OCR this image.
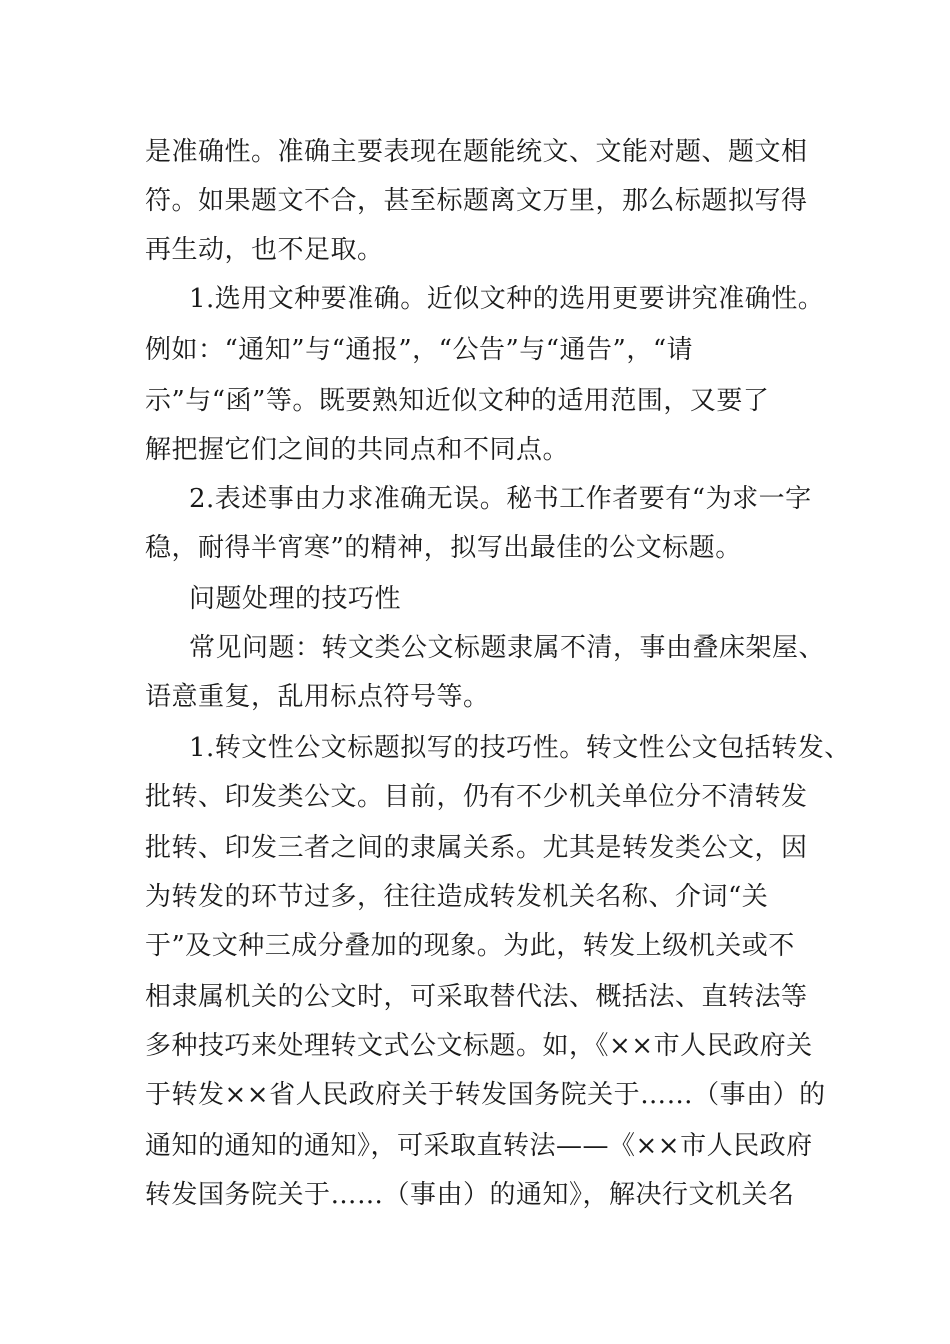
是准确性。准确主要表现在题能统文、文能对题、题文相
符。如果题文不合，甚至标题离文万里，那么标题拟写得
再生动，也不足取。
1.选用文种要准确。近似文种的选用更要讲究准确性。
例如：“通知”与“通报”，“公告”与“通告”，“请
示”与“函”等。既要熟知近似文种的适用范围，又要了
解把握它们之间的共同点和不同点。
2.表述事由力求准确无误。秘书工作者要有“为求一字
稳，耐得半宵寒”的精神，拟写出最佳的公文标题。
问题处理的技巧性
常见问题：转文类公文标题隶属不清，事由叠床架屋、
语意重复，乱用标点符号等。
1.转文性公文标题拟写的技巧性。转文性公文包括转发、
批转、印发类公文。目前，仍有不少机关单位分不清转发
批转、印发三者之间的隶属关系。尤其是转发类公文，因
为转发的环节过多，往往造成转发机关名称、介词“关
于”及文种三成分叠加的现象。为此，转发上级机关或不
相隶属机关的公文时，可采取替代法、概括法、直转法等
多种技巧来处理转文式公文标题。如，《××市人民政府关
于转发××省人民政府关于转发国务院关于……（事由）的
通知的通知的通知》，可采取直转法——《××市人民政府
转发国务院关于……（事由）的通知》，解决行文机关名
